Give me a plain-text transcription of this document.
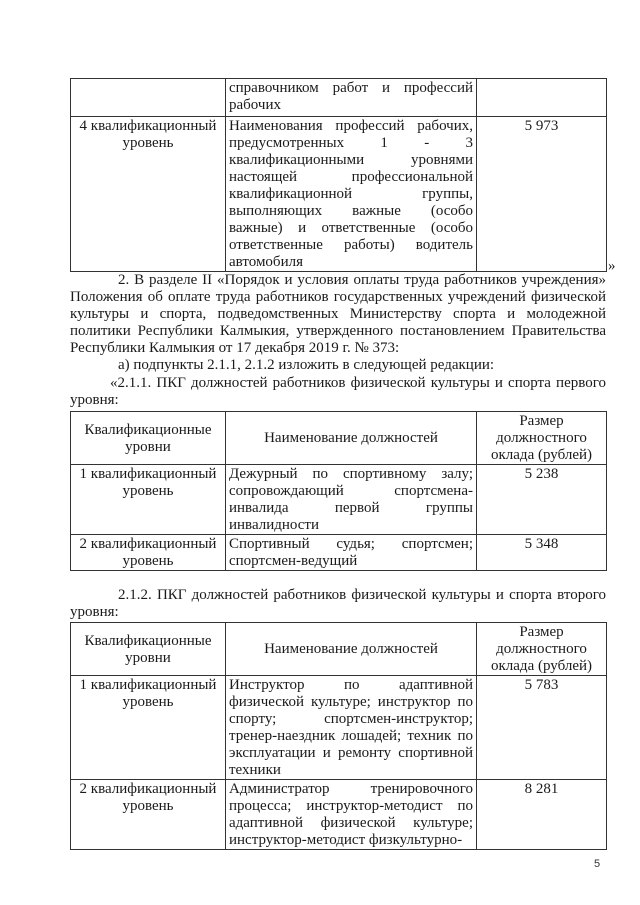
	справочником работ и профессий рабочих	
4 квалификационный уровень	Наименования профессий рабочих, предусмотренных 1 - 3 квалификационными уровнями настоящей профессиональной квалификационной группы, выполняющих важные (особо важные) и ответственные (особо ответственные работы) водитель автомобиля	5 973
»

2. В разделе II «Порядок и условия оплаты труда работников учреждения» Положения об оплате труда работников государственных учреждений физической культуры и спорта, подведомственных Министерству спорта и молодежной политики Республики Калмыкия, утвержденного постановлением Правительства Республики Калмыкия от 17 декабря 2019 г. № 373:

а) подпункты 2.1.1, 2.1.2 изложить в следующей редакции:

«2.1.1. ПКГ должностей работников физической культуры и спорта первого уровня:

Квалификационные уровни	Наименование должностей	Размер должностного оклада (рублей)
1 квалификационный уровень	Дежурный по спортивному залу; сопровождающий спортсмена-инвалида первой группы инвалидности	5 238
2 квалификационный уровень	Спортивный судья; спортсмен; спортсмен-ведущий	5 348

2.1.2. ПКГ должностей работников физической культуры и спорта второго уровня:

Квалификационные уровни	Наименование должностей	Размер должностного оклада (рублей)
1 квалификационный уровень	Инструктор по адаптивной физической культуре; инструктор по спорту; спортсмен-инструктор; тренер-наездник лошадей; техник по эксплуатации и ремонту спортивной техники	5 783
2 квалификационный уровень	Администратор тренировочного процесса; инструктор-методист по адаптивной физической культуре; инструктор-методист физкультурно-	8 281
5
